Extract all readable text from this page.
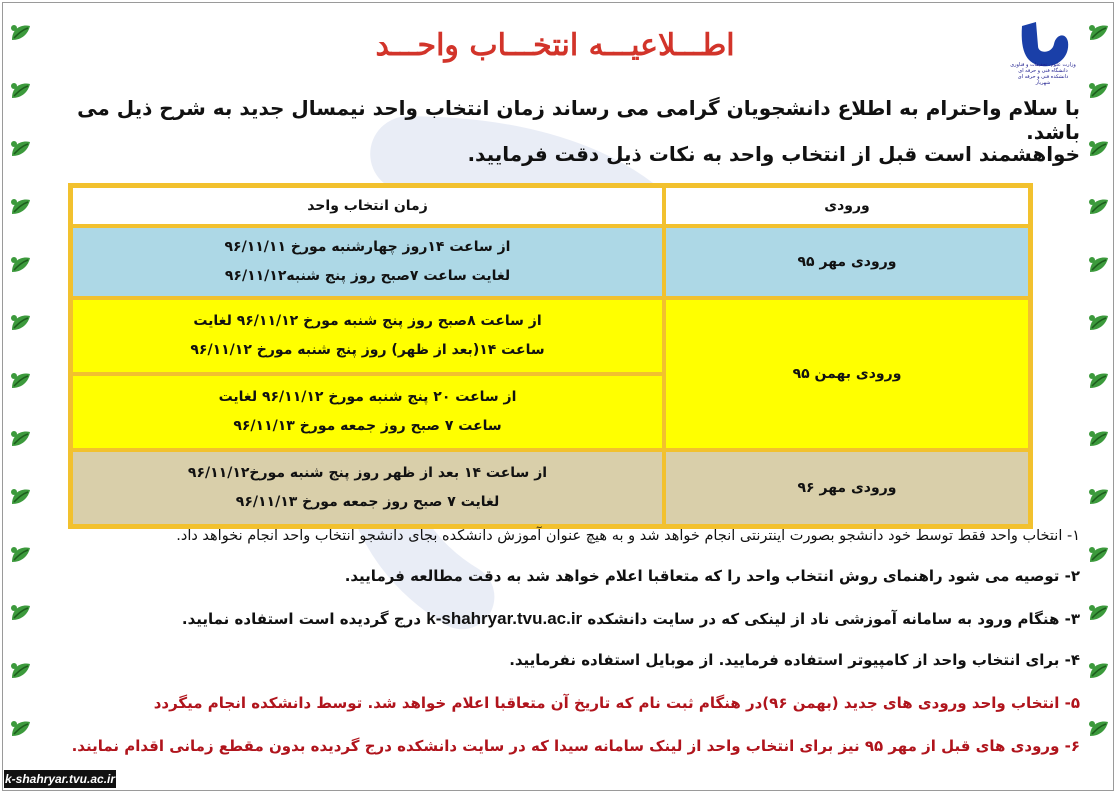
وزارت علوم، تحقیقات و فناوری دانشگاه فنی و حرفه ای دانشکده فنی و حرفه ای شهریار
اطـــلاعیـــه انتخـــاب واحـــد
با سلام واحترام به اطلاع دانشجویان گرامی می رساند زمان انتخاب واحد نیمسال جدید به شرح ذیل می باشد.
خواهشمند است قبل از انتخاب واحد به نکات ذیل دقت فرمایید.
ورودی	زمان انتخاب واحد
ورودی مهر ۹۵	از ساعت ۱۴روز چهارشنبه مورخ ۹۶/۱۱/۱۱
لغایت ساعت ۷صبح روز پنج شنبه۹۶/۱۱/۱۲

ورودی بهمن ۹۵	از ساعت ۸صبح روز پنج شنبه مورخ ۹۶/۱۱/۱۲ لغایت
ساعت ۱۴(بعد از ظهر) روز پنج شنبه مورخ ۹۶/۱۱/۱۲

	از ساعت ۲۰ پنج شنبه مورخ ۹۶/۱۱/۱۲ لغایت
ساعت ۷ صبح روز جمعه مورخ ۹۶/۱۱/۱۳

ورودی مهر ۹۶	از ساعت ۱۴ بعد از ظهر روز پنج شنبه مورخ۹۶/۱۱/۱۲
لغایت ۷ صبح روز جمعه مورخ ۹۶/۱۱/۱۳
۱- انتخاب واحد فقط توسط خود دانشجو بصورت اینترنتی انجام خواهد شد و به هیچ عنوان آموزش دانشکده بجای دانشجو انتخاب واحد انجام نخواهد داد.
۲- توصیه می شود راهنمای روش انتخاب واحد را که متعاقبا اعلام خواهد شد به دقت مطالعه فرمایید.
۳- هنگام ورود به سامانه آموزشی ناد از لینکی که در سایت دانشکده k-shahryar.tvu.ac.ir درج گردیده است استفاده نمایید.
۴- برای انتخاب واحد از کامپیوتر استفاده فرمایید. از موبایل استفاده نفرمایید.
۵- انتخاب واحد ورودی های جدید (بهمن ۹۶)در هنگام ثبت نام که تاریخ آن متعاقبا اعلام خواهد شد. توسط دانشکده انجام میگردد
۶- ورودی های قبل از مهر ۹۵ نیز برای انتخاب واحد از لینک سامانه سیدا که در سایت دانشکده درج گردیده بدون مقطع زمانی اقدام نمایند.
k-shahryar.tvu.ac.ir
